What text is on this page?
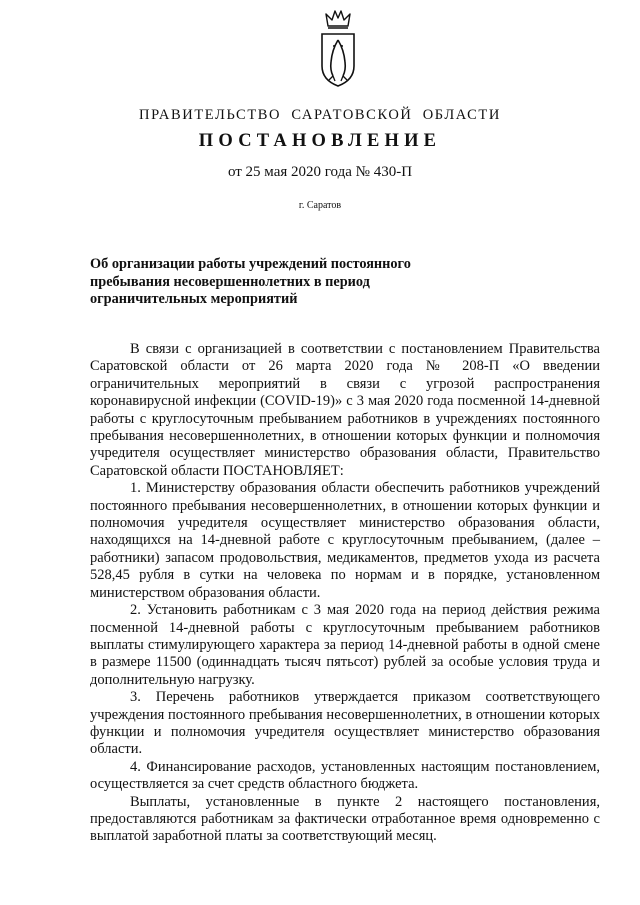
ПРАВИТЕЛЬСТВО САРАТОВСКОЙ ОБЛАСТИ
ПОСТАНОВЛЕНИЕ
от 25 мая 2020 года № 430-П
г. Саратов
Об организации работы учреждений постоянного
пребывания несовершеннолетних в период
ограничительных мероприятий

В связи с организацией в соответствии с постановлением Правительства Саратовской области от 26 марта 2020 года № 208-П «О введении ограничительных мероприятий в связи с угрозой распространения коронавирусной инфекции (COVID-19)» с 3 мая 2020 года посменной 14-дневной работы с круглосуточным пребыванием работников в учреждениях постоянного пребывания несовершеннолетних, в отношении которых функции и полномочия учредителя осуществляет министерство образования области, Правительство Саратовской области ПОСТАНОВЛЯЕТ:

1. Министерству образования области обеспечить работников учреждений постоянного пребывания несовершеннолетних, в отношении которых функции и полномочия учредителя осуществляет министерство образования области, находящихся на 14-дневной работе с круглосуточным пребыванием, (далее – работники) запасом продовольствия, медикаментов, предметов ухода из расчета 528,45 рубля в сутки на человека по нормам и в порядке, установленном министерством образования области.

2. Установить работникам с 3 мая 2020 года на период действия режима посменной 14-дневной работы с круглосуточным пребыванием работников выплаты стимулирующего характера за период 14-дневной работы в одной смене в размере 11500 (одиннадцать тысяч пятьсот) рублей за особые условия труда и дополнительную нагрузку.

3. Перечень работников утверждается приказом соответствующего учреждения постоянного пребывания несовершеннолетних, в отношении которых функции и полномочия учредителя осуществляет министерство образования области.

4. Финансирование расходов, установленных настоящим постановлением, осуществляется за счет средств областного бюджета.

Выплаты, установленные в пункте 2 настоящего постановления, предоставляются работникам за фактически отработанное время одновременно с выплатой заработной платы за соответствующий месяц.
